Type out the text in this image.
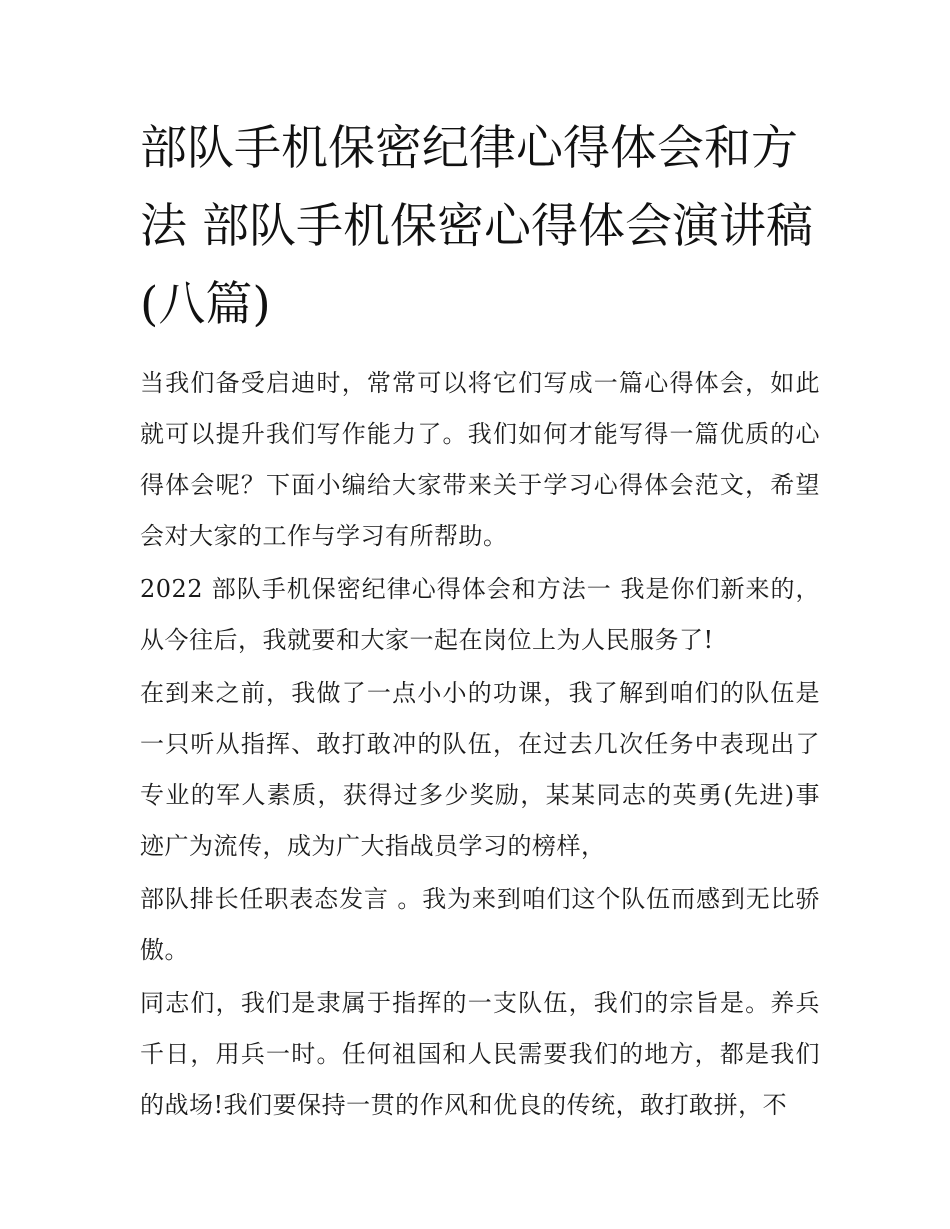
部队手机保密纪律心得体会和方法 部队手机保密心得体会演讲稿(八篇)

当我们备受启迪时，常常可以将它们写成一篇心得体会，如此就可以提升我们写作能力了。我们如何才能写得一篇优质的心得体会呢？下面小编给大家带来关于学习心得体会范文，希望会对大家的工作与学习有所帮助。

2022 部队手机保密纪律心得体会和方法一 我是你们新来的，从今往后，我就要和大家一起在岗位上为人民服务了!

在到来之前，我做了一点小小的功课，我了解到咱们的队伍是一只听从指挥、敢打敢冲的队伍，在过去几次任务中表现出了专业的军人素质，获得过多少奖励，某某同志的英勇(先进)事迹广为流传，成为广大指战员学习的榜样，

部队排长任职表态发言 。我为来到咱们这个队伍而感到无比骄傲。

同志们，我们是隶属于指挥的一支队伍，我们的宗旨是。养兵千日，用兵一时。任何祖国和人民需要我们的地方，都是我们的战场!我们要保持一贯的作风和优良的传统，敢打敢拼，不
